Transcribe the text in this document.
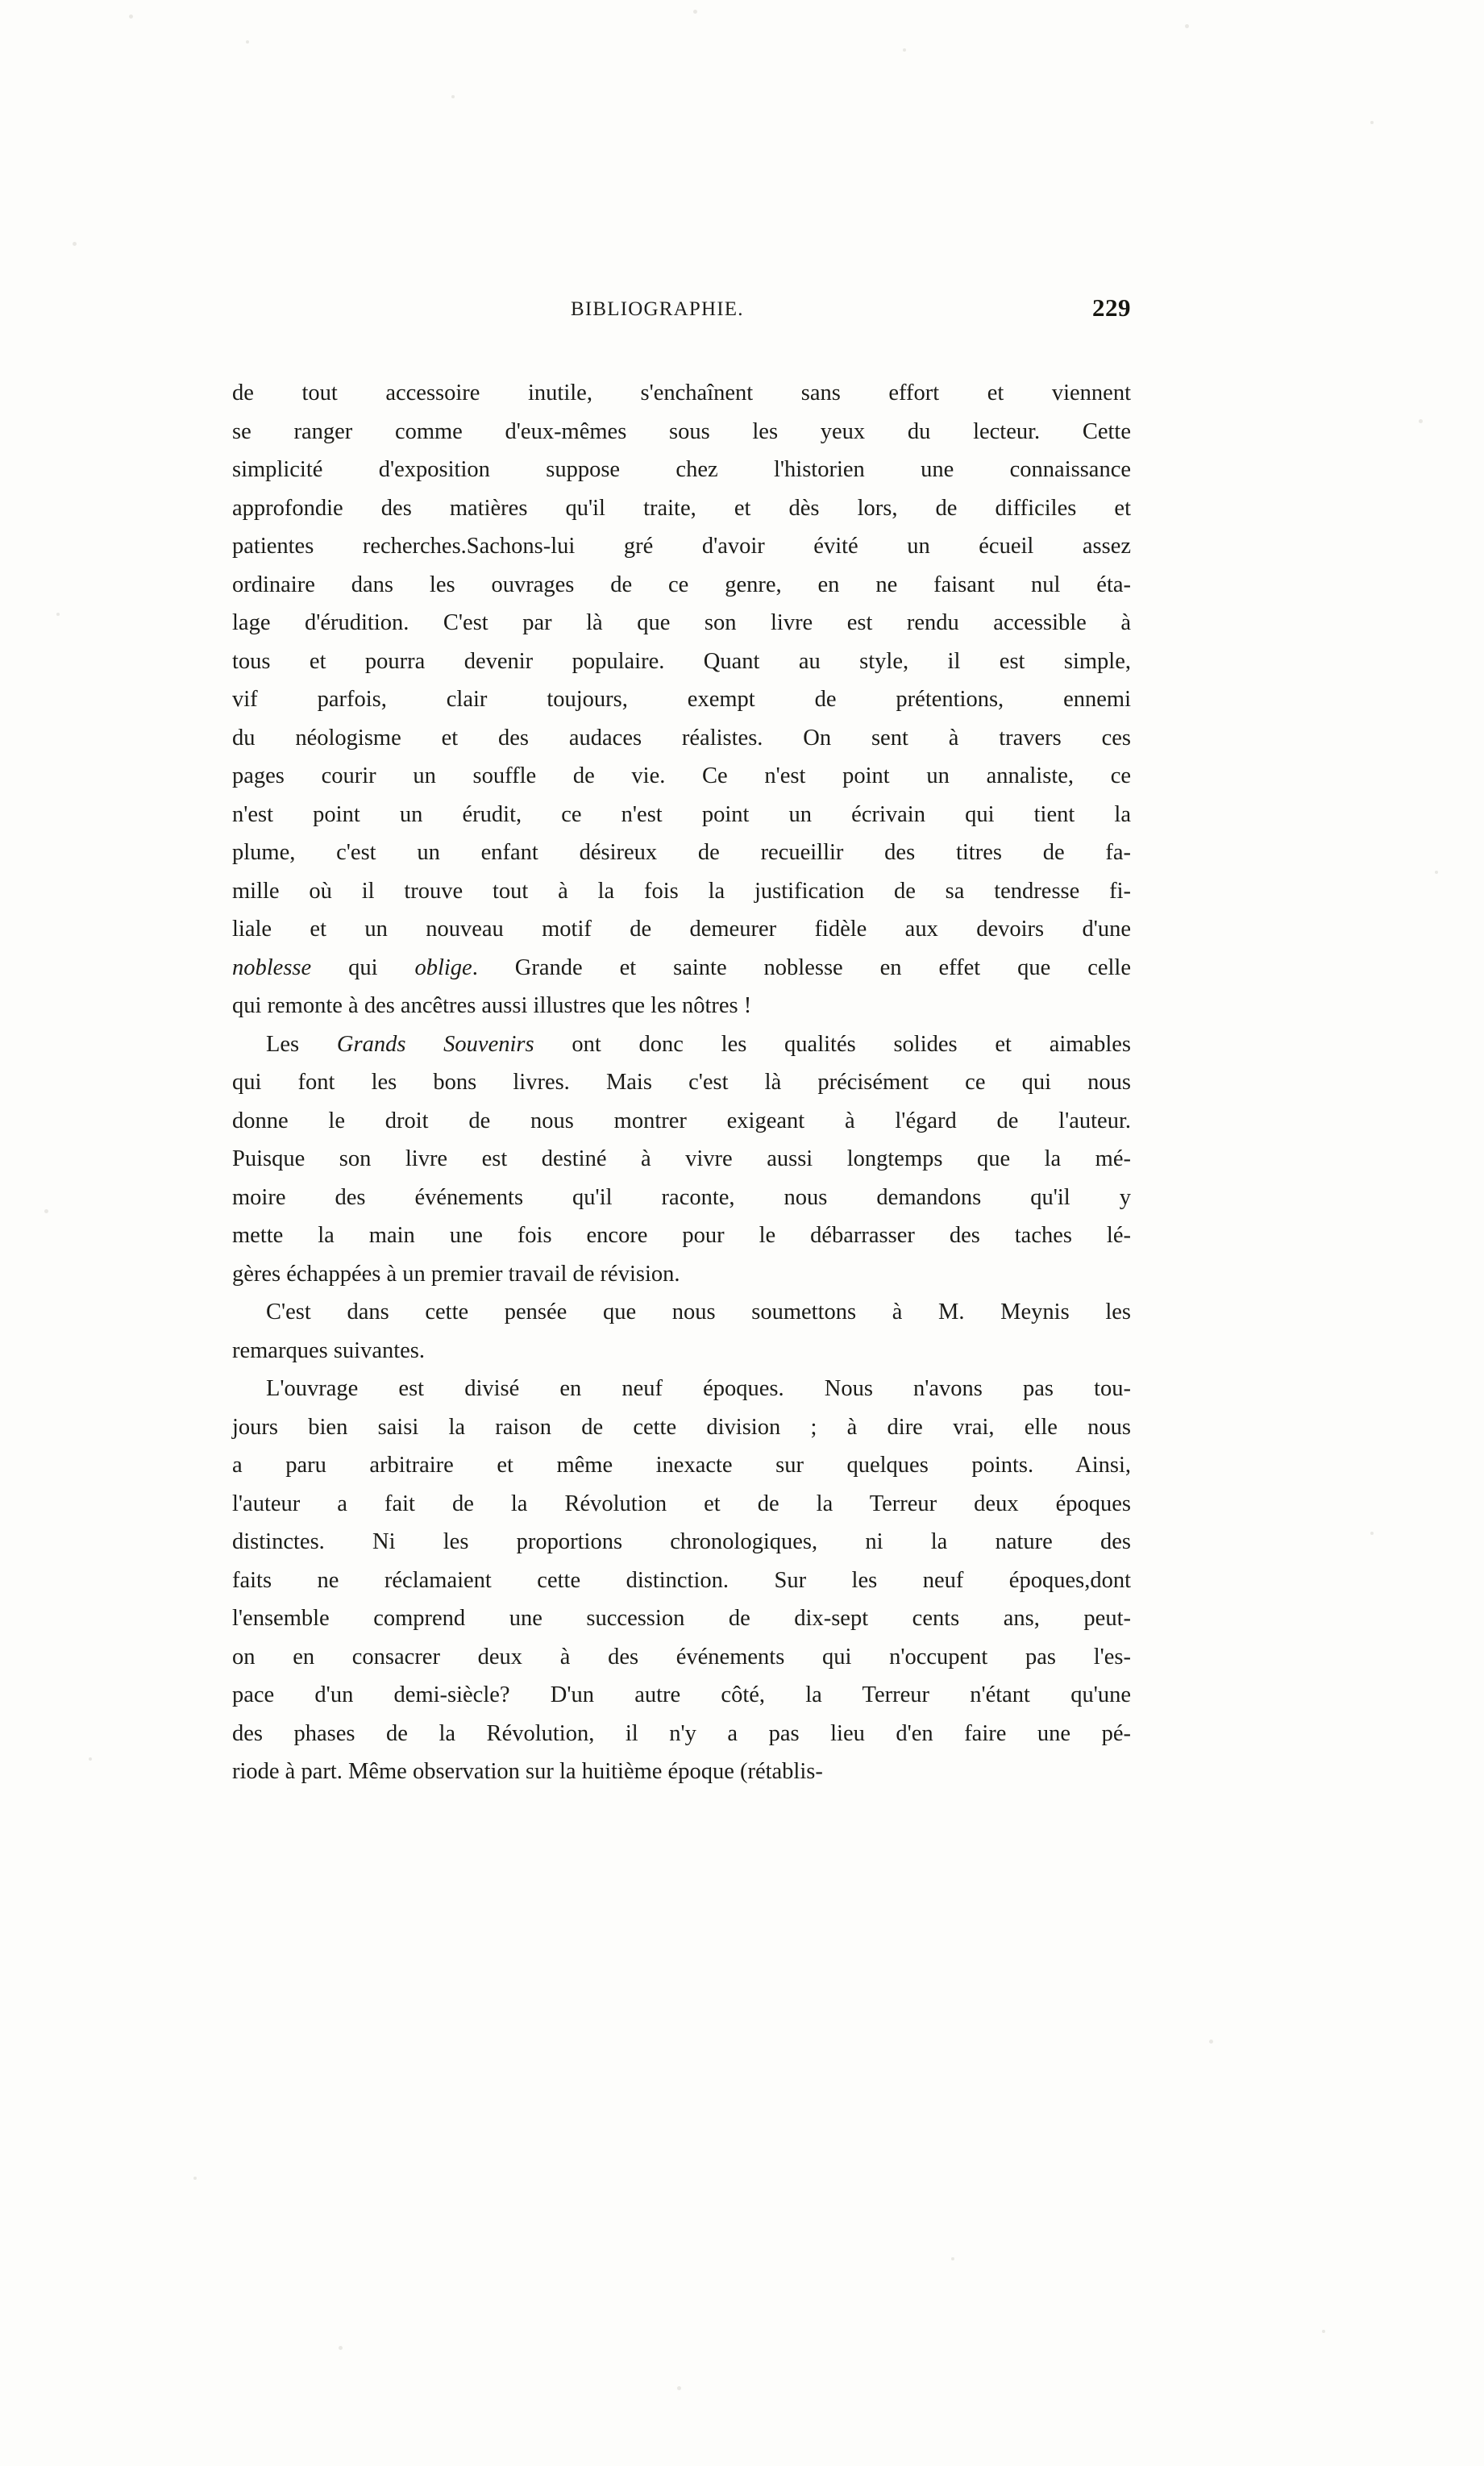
BIBLIOGRAPHIE.	229

de tout accessoire inutile, s'enchaînent sans effort et viennent
se ranger comme d'eux-mêmes sous les yeux du lecteur. Cette
simplicité d'exposition suppose chez l'historien une connaissance
approfondie des matières qu'il traite, et dès lors, de difficiles et
patientes recherches.Sachons-lui gré d'avoir évité un écueil assez
ordinaire dans les ouvrages de ce genre, en ne faisant nul éta-
lage d'érudition. C'est par là que son livre est rendu accessible à
tous et pourra devenir populaire. Quant au style, il est simple,
vif parfois, clair toujours, exempt de prétentions, ennemi
du néologisme et des audaces réalistes. On sent à travers ces
pages courir un souffle de vie. Ce n'est point un annaliste, ce
n'est point un érudit, ce n'est point un écrivain qui tient la
plume, c'est un enfant désireux de recueillir des titres de fa-
mille où il trouve tout à la fois la justification de sa tendresse fi-
liale et un nouveau motif de demeurer fidèle aux devoirs d'une
noblesse qui oblige. Grande et sainte noblesse en effet que celle
qui remonte à des ancêtres aussi illustres que les nôtres !

Les Grands Souvenirs ont donc les qualités solides et aimables
qui font les bons livres. Mais c'est là précisément ce qui nous
donne le droit de nous montrer exigeant à l'égard de l'auteur.
Puisque son livre est destiné à vivre aussi longtemps que la mé-
moire des événements qu'il raconte, nous demandons qu'il y
mette la main une fois encore pour le débarrasser des taches lé-
gères échappées à un premier travail de révision.

C'est dans cette pensée que nous soumettons à M. Meynis les
remarques suivantes.

L'ouvrage est divisé en neuf époques. Nous n'avons pas tou-
jours bien saisi la raison de cette division ; à dire vrai, elle nous
a paru arbitraire et même inexacte sur quelques points. Ainsi,
l'auteur a fait de la Révolution et de la Terreur deux époques
distinctes. Ni les proportions chronologiques, ni la nature des
faits ne réclamaient cette distinction. Sur les neuf époques,dont
l'ensemble comprend une succession de dix-sept cents ans, peut-
on en consacrer deux à des événements qui n'occupent pas l'es-
pace d'un demi-siècle? D'un autre côté, la Terreur n'étant qu'une
des phases de la Révolution, il n'y a pas lieu d'en faire une pé-
riode à part. Même observation sur la huitième époque (rétablis-
